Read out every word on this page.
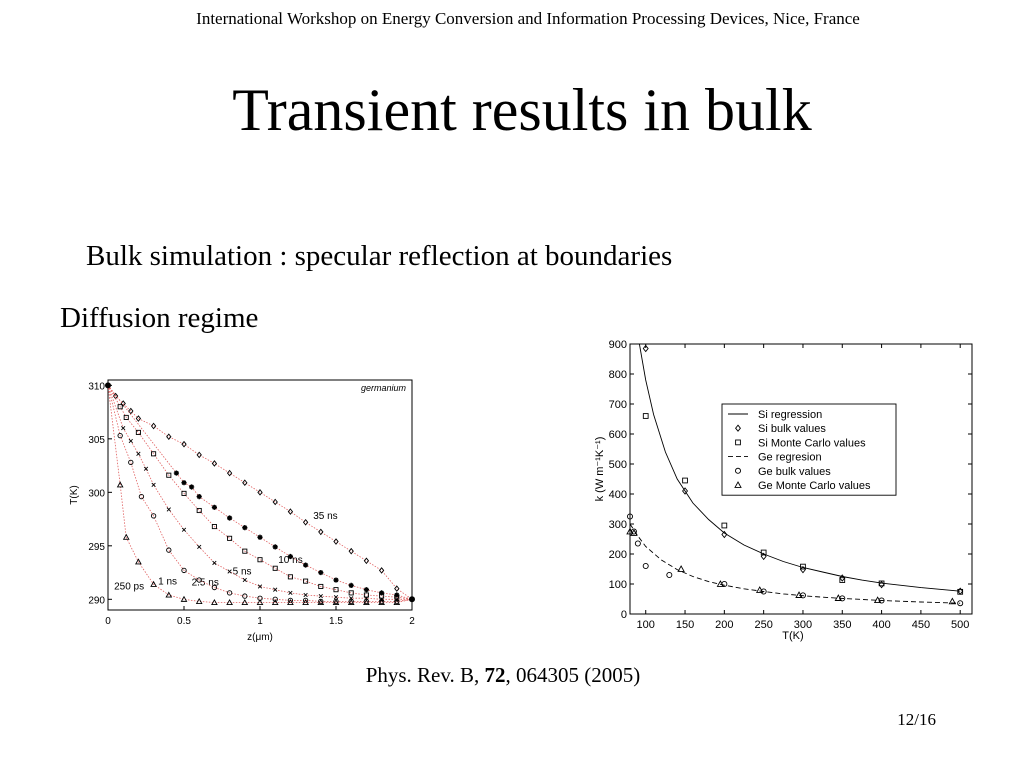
International Workshop on Energy Conversion and Information Processing Devices, Nice, France
Transient results in bulk
Bulk simulation : specular reflection at boundaries
Diffusion regime
0	0.5	1	1.5	2
290
295
300
305
310
z(μm)
T(K)
germanium
35 ns
10 ns
5 ns
2.5 ns
1 ns
250 ps
100 150 200 250 300 350 400 450 500
0
100
200
300
400
500
600
700
800
900
T(K)
k (W m⁻¹K⁻¹)
Si regression
Si bulk values
Si Monte Carlo values
Ge regresion
Ge bulk values
Ge Monte Carlo values
Phys. Rev. B, 72, 064305 (2005)
12/16
